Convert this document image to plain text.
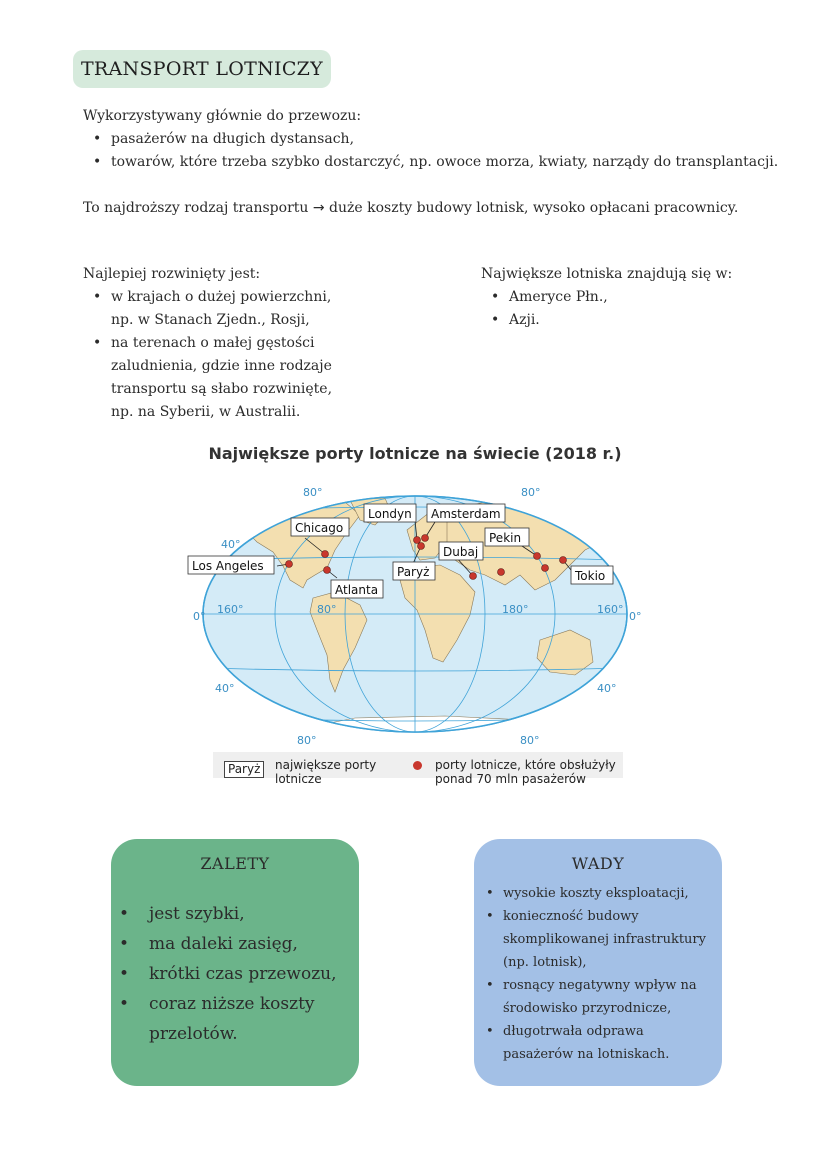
TRANSPORT LOTNICZY
Wykorzystywany głównie do przewozu:
• pasażerów na długich dystansach,
• towarów, które trzeba szybko dostarczyć, np. owoce morza, kwiaty, narządy do transplantacji.
To najdroższy rodzaj transportu → duże koszty budowy lotnisk, wysoko opłacani pracownicy.
Najlepiej rozwinięty jest:
• w krajach o dużej powierzchni, np. w Stanach Zjedn., Rosji,
• na terenach o małej gęstości zaludnienia, gdzie inne rodzaje transportu są słabo rozwinięte, np. na Syberii, w Australii.
Największe lotniska znajdują się w:
• Ameryce Płn.,
• Azji.
Największe porty lotnicze na świecie (2018 r.)
80°	80°
40°
0°
160°	80°	180°	160°
0°
40°	40°
80°	80°
Chicago
Londyn Amsterdam
Los Angeles
Dubaj
Pekin
Paryż
Atlanta
Tokio
Paryż	największe porty lotnicze
porty lotnicze, które obsłużyły ponad 70 mln pasażerów
ZALETY
• jest szybki,
• ma daleki zasięg,
• krótki czas przewozu,
• coraz niższe koszty przelotów.
WADY
• wysokie koszty eksploatacji,
• konieczność budowy skomplikowanej infrastruktury (np. lotnisk),
• rosnący negatywny wpływ na środowisko przyrodnicze,
• długotrwała odprawa pasażerów na lotniskach.
